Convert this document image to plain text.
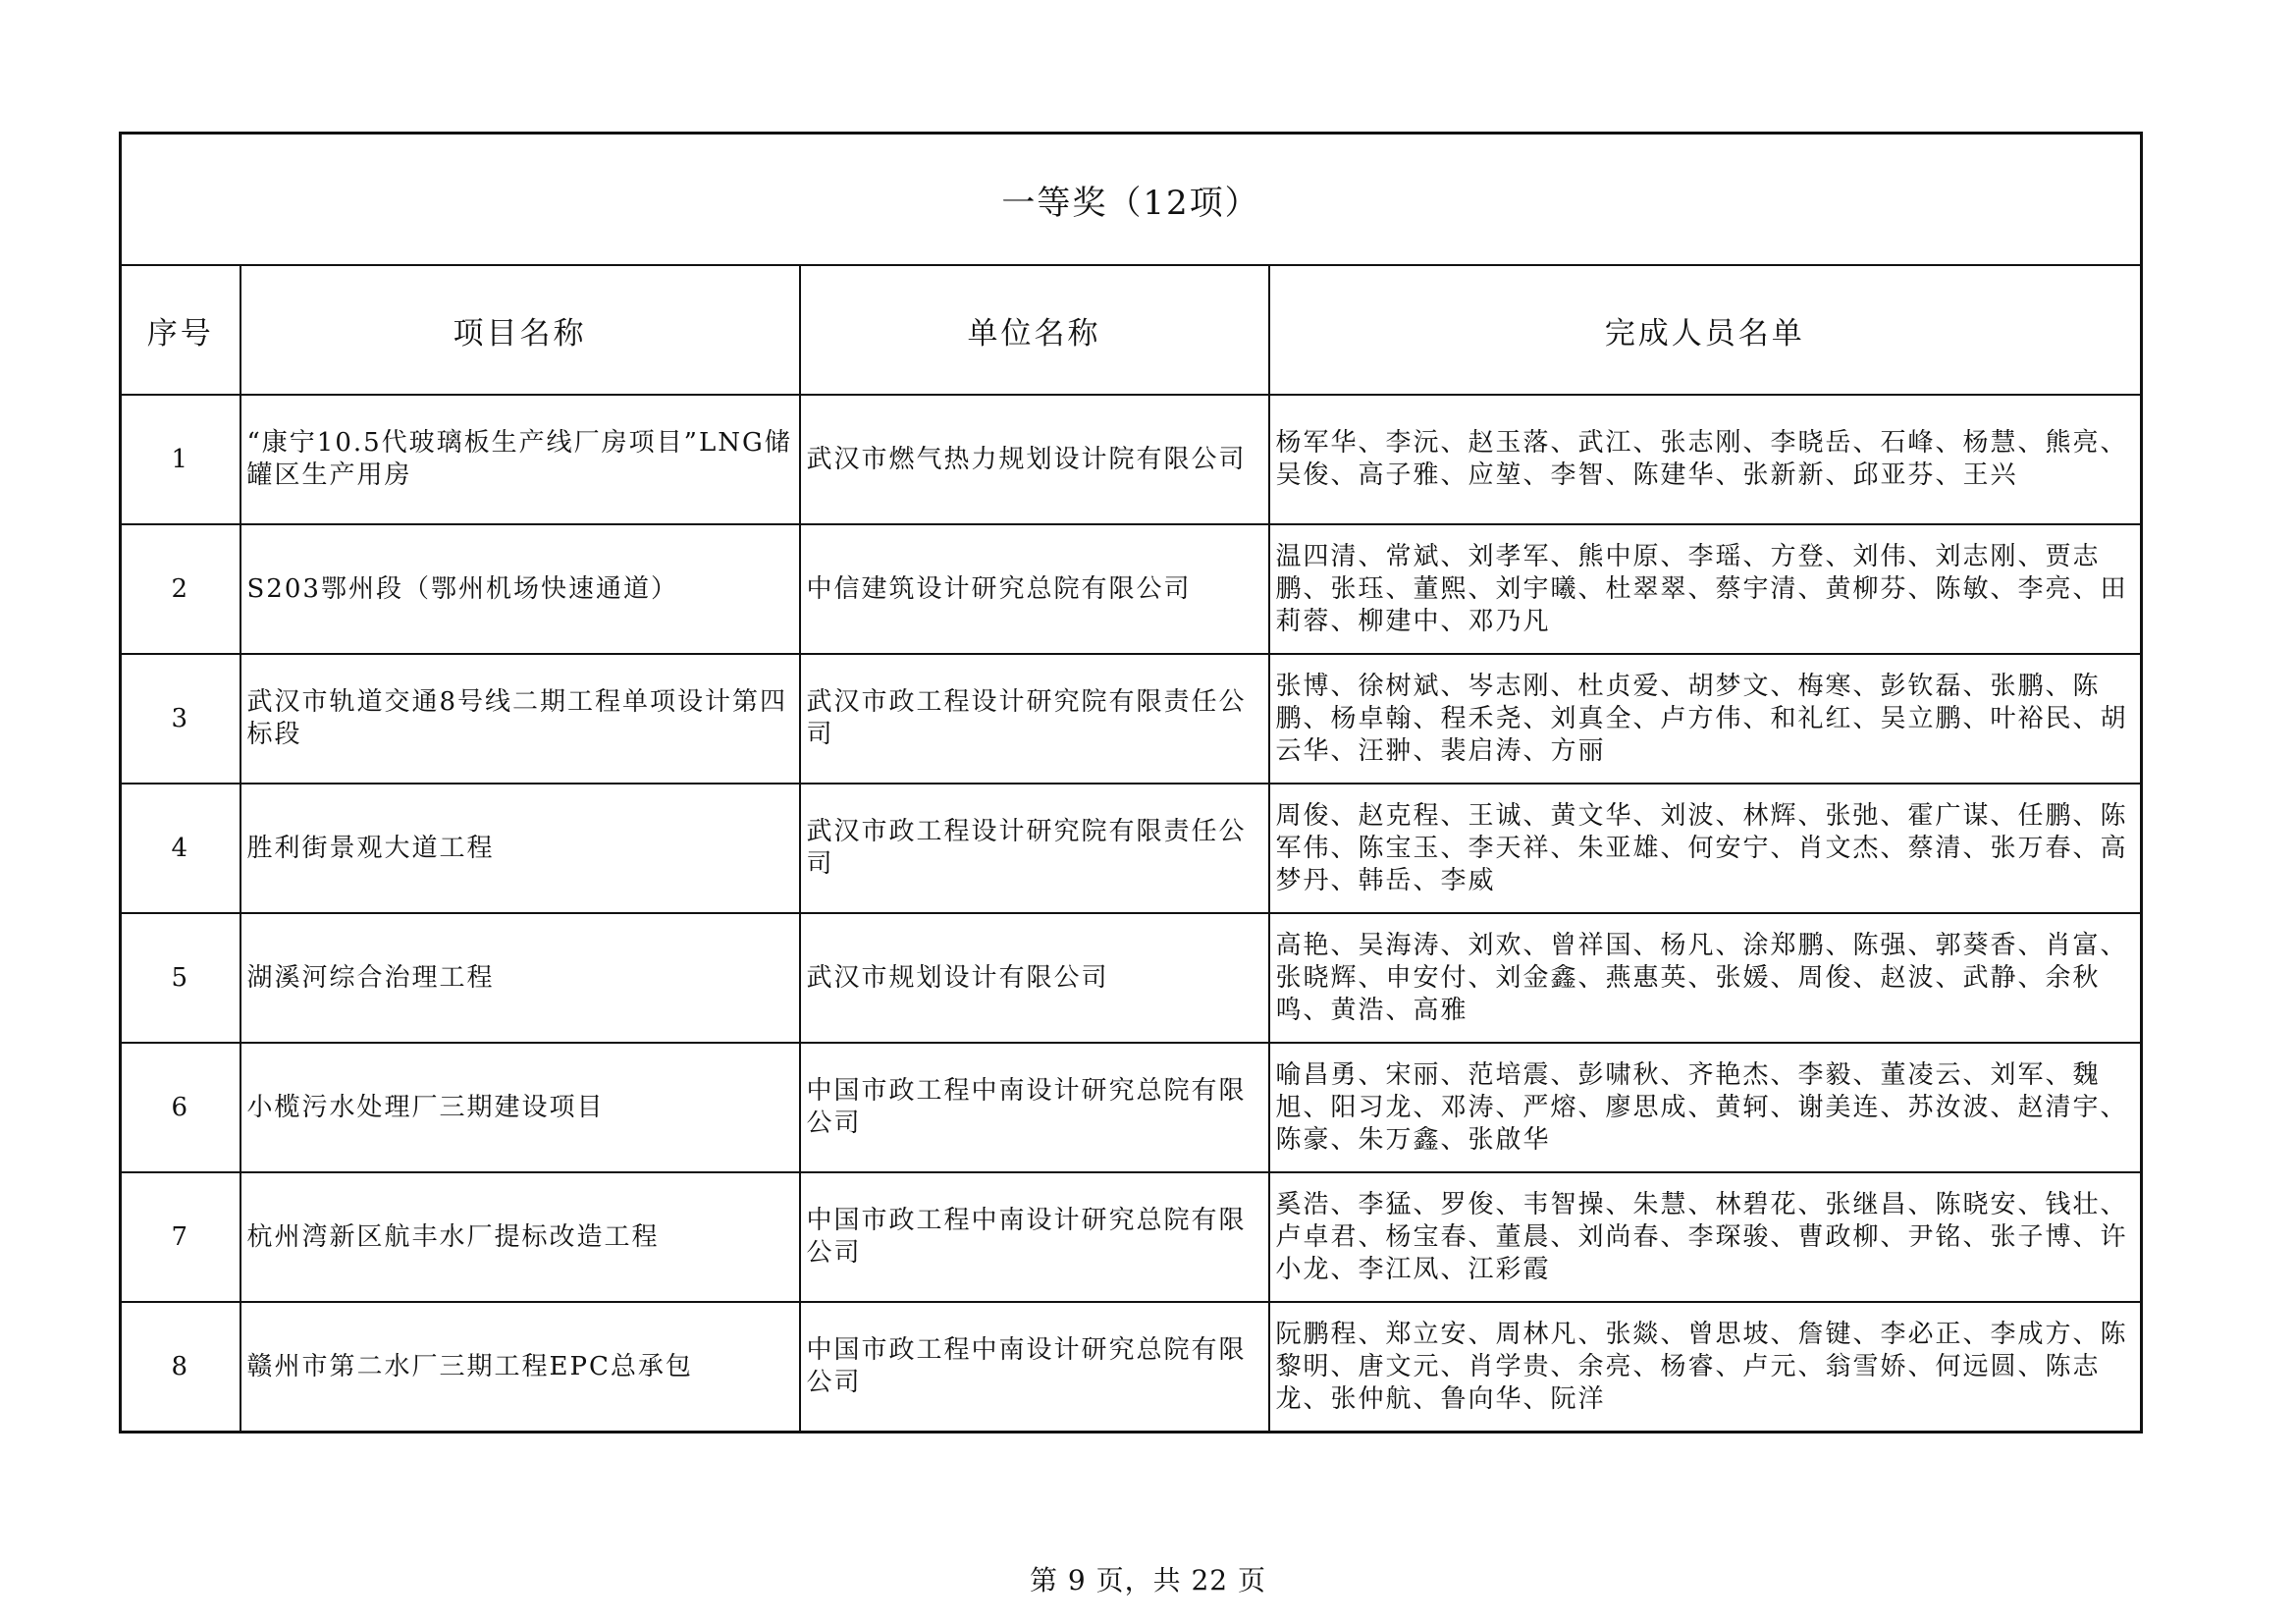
一等奖（12项）			
序号	项目名称	单位名称	完成人员名单
1	“康宁10.5代玻璃板生产线厂房项目”LNG储罐区生产用房	武汉市燃气热力规划设计院有限公司	杨军华、李沅、赵玉落、武江、张志刚、李晓岳、石峰、杨慧、熊亮、吴俊、高子雅、应堃、李智、陈建华、张新新、邱亚芬、王兴
2	S203鄂州段（鄂州机场快速通道）	中信建筑设计研究总院有限公司	温四清、常斌、刘孝军、熊中原、李瑶、方登、刘伟、刘志刚、贾志鹏、张珏、董熙、刘宇曦、杜翠翠、蔡宇清、黄柳芬、陈敏、李亮、田莉蓉、柳建中、邓乃凡
3	武汉市轨道交通8号线二期工程单项设计第四标段	武汉市政工程设计研究院有限责任公司	张博、徐树斌、岑志刚、杜贞爱、胡梦文、梅寒、彭钦磊、张鹏、陈鹏、杨卓翰、程禾尧、刘真全、卢方伟、和礼红、吴立鹏、叶裕民、胡云华、汪翀、裴启涛、方丽
4	胜利街景观大道工程	武汉市政工程设计研究院有限责任公司	周俊、赵克程、王诚、黄文华、刘波、林辉、张弛、霍广谋、任鹏、陈军伟、陈宝玉、李天祥、朱亚雄、何安宁、肖文杰、蔡清、张万春、高梦丹、韩岳、李威
5	湖溪河综合治理工程	武汉市规划设计有限公司	高艳、吴海涛、刘欢、曾祥国、杨凡、涂郑鹏、陈强、郭葵香、肖富、张晓辉、申安付、刘金鑫、燕惠英、张媛、周俊、赵波、武静、余秋鸣、黄浩、高雅
6	小榄污水处理厂三期建设项目	中国市政工程中南设计研究总院有限公司	喻昌勇、宋丽、范培震、彭啸秋、齐艳杰、李毅、董凌云、刘军、魏旭、阳习龙、邓涛、严熔、廖思成、黄轲、谢美连、苏汝波、赵清宇、陈豪、朱万鑫、张啟华
7	杭州湾新区航丰水厂提标改造工程	中国市政工程中南设计研究总院有限公司	奚浩、李猛、罗俊、韦智操、朱慧、林碧花、张继昌、陈晓安、钱壮、卢卓君、杨宝春、董晨、刘尚春、李琛骏、曹政柳、尹铭、张子博、许小龙、李江凤、江彩霞
8	赣州市第二水厂三期工程EPC总承包	中国市政工程中南设计研究总院有限公司	阮鹏程、郑立安、周林凡、张燚、曾思坡、詹键、李必正、李成方、陈黎明、唐文元、肖学贵、余亮、杨睿、卢元、翁雪娇、何远圆、陈志龙、张仲航、鲁向华、阮洋
第 9 页，共 22 页
